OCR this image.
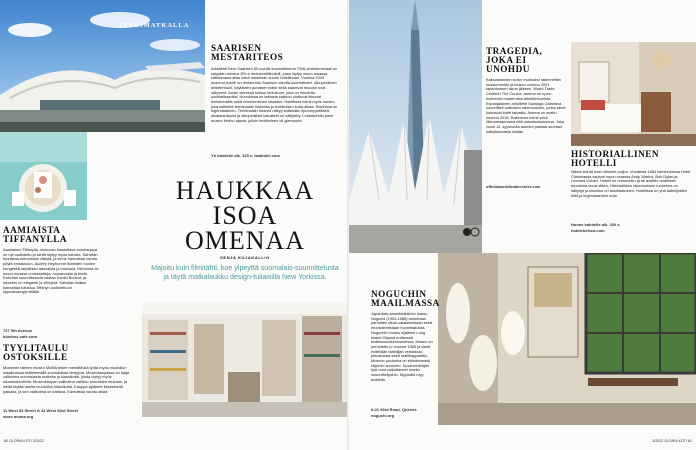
TYYLIMATKALLA
SAARISEN
MESTARITEOS
Arkkitehti Eero Saarisen 60-luvulla suunnittelema TWA-lentoterminaali on nykyään toimiva JFK:n lentokenttähotelli, josta löytyy muun muassa kattoterassi-allas sekä maailman suurin hotellibaari. Vuonna 2019 avannut hotelli on restauroitu Saarisen ideoita kunnioittaen. Alkuperäinen arkkitehtuuri, käytävien punaiset matot sekä kaarevat muodot ovat säilyneet. Aulan vieressä seisoo lentokone, joka on muutettu cocktailbaariksi. Huoneissa on lattiasta kattoon ulottuvat ikkunat lentokentälle sekä retrohenkinen sisustus. Hotellissa toimii myös museo, joka esittelee terminaalin historiaa ja lentämisen kulta-aikaa. Ravintola on legendaarinen. Terminaalin historia näkyy kaikkialla: lipunmyyntitiskit, aikataulutaulut ja alkuperäiset kalusteet on säilytetty. Lentokentän pieni museo kertoo ajasta, jolloin lentäminen oli glamouria.
Yö kahdelle alk. 325 e, twahotel.com
HAUKKAA
ISOA
OMENAA
SENJA KUJAKALLIO
Majoitu kuin filmitähti, koe ylpeyttä suomalais-suunnittelusta ja täytä matkalaukku design-tuliaisilla New Yorkissa.
AAMIAISTA
TIFFANYLLA
Aamiainen Tiffanylla -elokuvan ihastuttava korukauppa on nyt uudistettu ja sieltä löytyy myös kahvila. Kahvilan tunnistaa turkoosista väristä, ja sinne kannattaa varata pöytä ennakkoon. Audrey Hepburnin ikonisten roolien hengessä tarjoillaan aamiaista ja brunssia. Menussa on muun muassa croissantteja, munaruokia ja teetä. Kahvilan suunnittelusta vastaa Daniel Boulud, ja sisustus on elegantti ja viihtyisä. Kahvilan lisäksi kannattaa tutustua Tiffanyn uudistettuun lippulaivamyymälään.
727 5th Avenue
bluebox-cafe.com
TYYLITAULU
OSTOKSILLE
Modernin taiteen museo MoMA tekee merkittävää työtä myös muotoilun maailmassa esittelemällä suomalaista designia. Museokaupassa on laaja valikoima suomalaisia tuotteita ja klassikoita, joista löytyy myös sisustustuotteita. Museokaupan valikoima vaihtuu sesonkien mukaan, ja sieltä löytää useita muotoilun klassikoita. Kauppa sijaitsee keskeisellä paikalla, ja sen valikoima on kattava. Kannattaa varata aikaa.
11 West 53 Street & 44 West 53rd Street
store.moma.org
TRAGEDIA,
JOKA EI
UNOHDU
Kaksoistornien surun muistoksi rakennettiin muistomerkki ja museo vuonna 2001 tapahtuneen iskun jälkeen. World Trade Centerin The Oculus -asema on upea esimerkki modernista arkkitehtuurista. Espanjalainen arkkitehti Santiago Calatrava suunnitteli valkoisen rakennuksen, jonka siivet kohoavat kohti taivasta. Asema on avattu vuonna 2016. Rakennus toimii sekä liikenneasemana että ostoskeskuksena. Joka vuosi 11. syyskuuta aurinko paistaa suoraan kattoikkunasta sisään.
officialworldtradecenter.com
HISTORIALLINEN
HOTELLI
Nämä seinät ovat nähneet paljon. Vuodesta 1884 toiminneessa Hotel Chelseassa asuivat muun muassa Andy Warhol, Bob Dylan ja Leonard Cohen. Hotelli on remontoitu ja se avattiin uudelleen muutama vuosi sitten. Historiallisen rakennuksen tunnelma on säilynyt ja sisustus on ainutlaatuinen. Hotellissa on yhä taiteilijoiden töitä ja legendaarinen aula.
Huone kahdelle alk. 330 e,
hotelchelsea.com
NOGUCHIN
MAAILMASSA
Japanilais-amerikkalainen Isamu Noguchi (1904-1988) tunnetaan parhaiten Akari-valaisimistaan sekä muotoilemistaan huonekaluista. Noguchin museo sijaitsee Long Island Cityssä entisessä teollisuusrakennuksessa. Museo on perustettu jo vuonna 1985 ja siellä esitellään taiteilijan veistoksia, piirustuksia sekä mallikappaleita. Museon puutarha on ehdottomasti käynnin arvoinen. Kuvanveistäjän työt ovat vaikuttaneet moniin suunnittelijoihin. Myymälä myy tuotteita.
9-01 33rd Road, Queens
noguchi.org
80 GLORIA KOTI 3/2022	3/2022 GLORIA KOTI 81
